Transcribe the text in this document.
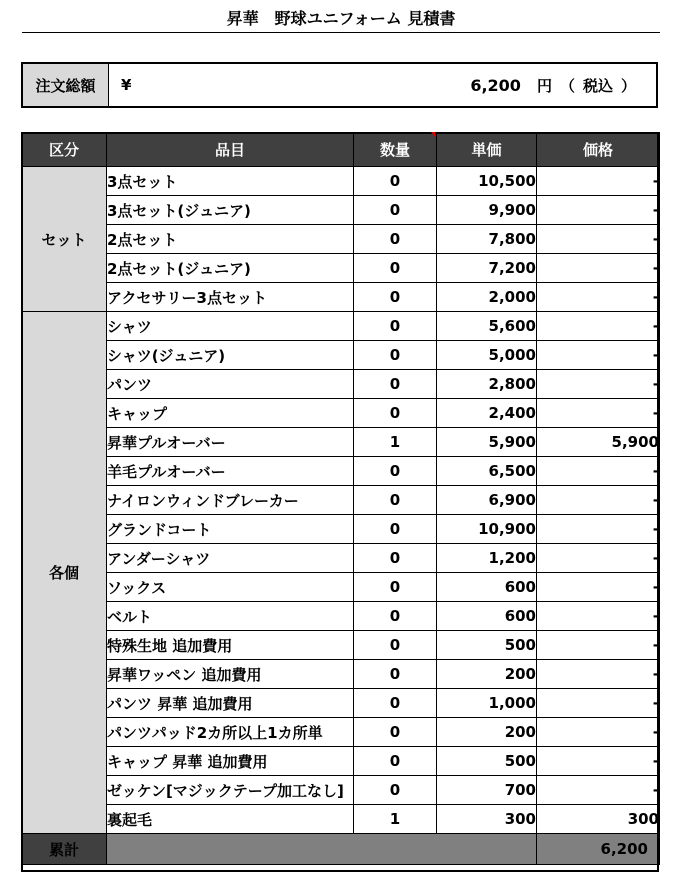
昇華　野球ユニフォーム 見積書
注文総額	¥	6,200	円 （ 税込 ）
区分	品目	数量	単価	価格
セット	3点セット	0	10,500	-
	3点セット(ジュニア)	0	9,900	-
	2点セット	0	7,800	-
	2点セット(ジュニア)	0	7,200	-
	アクセサリー3点セット	0	2,000	-
各個	シャツ	0	5,600	-
	シャツ(ジュニア)	0	5,000	-
	パンツ	0	2,800	-
	キャップ	0	2,400	-
	昇華プルオーバー	1	5,900	5,900
	羊毛プルオーバー	0	6,500	-
	ナイロンウィンドブレーカー	0	6,900	-
	グランドコート	0	10,900	-
	アンダーシャツ	0	1,200	-
	ソックス	0	600	-
	ベルト	0	600	-
	特殊生地 追加費用	0	500	-
	昇華ワッペン 追加費用	0	200	-
	パンツ 昇華 追加費用	0	1,000	-
	パンツパッド2カ所以上1カ所単	0	200	-
	キャップ 昇華 追加費用	0	500	-
	ゼッケン[マジックテープ加工なし]	0	700	-
	裏起毛	1	300	300
累計				6,200
